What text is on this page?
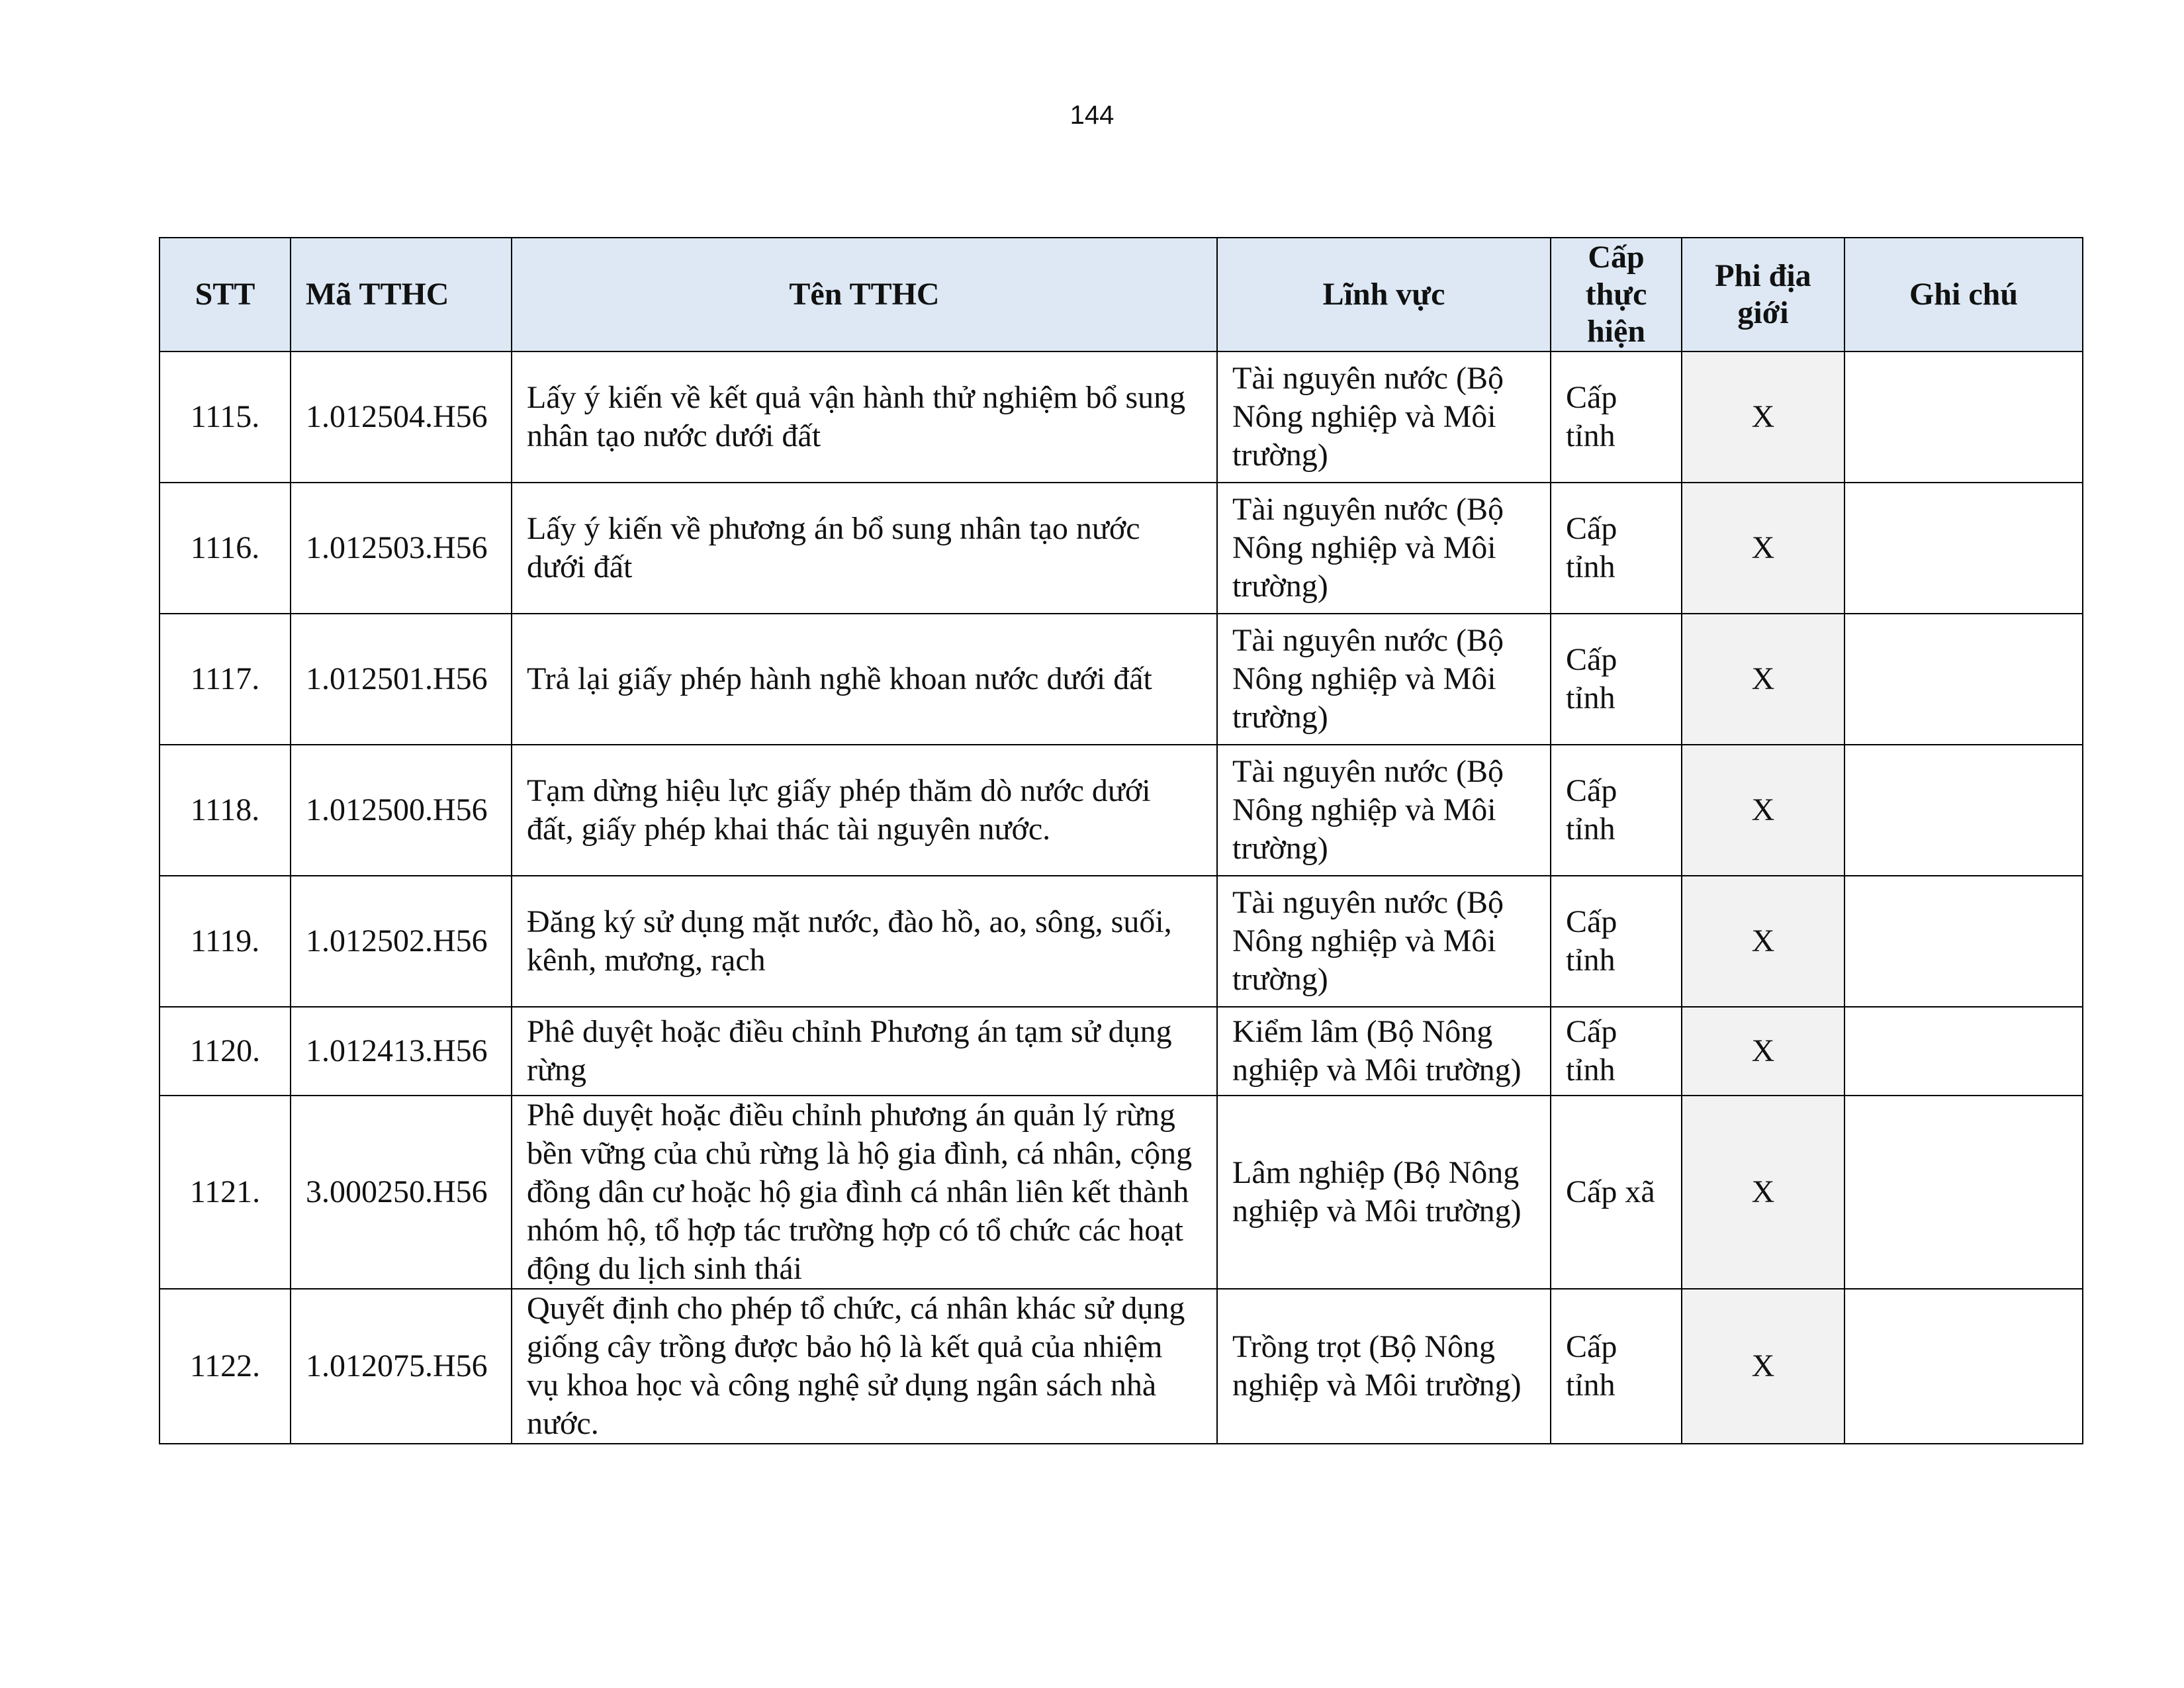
144
STT	Mã TTHC	Tên TTHC	Lĩnh vực	Cấp thực hiện	Phi địa giới	Ghi chú
1115.	1.012504.H56	Lấy ý kiến về kết quả vận hành thử nghiệm bổ sung nhân tạo nước dưới đất	Tài nguyên nước (Bộ Nông nghiệp và Môi trường)	Cấp tỉnh	X	
1116.	1.012503.H56	Lấy ý kiến về phương án bổ sung nhân tạo nước dưới đất	Tài nguyên nước (Bộ Nông nghiệp và Môi trường)	Cấp tỉnh	X	
1117.	1.012501.H56	Trả lại giấy phép hành nghề khoan nước dưới đất	Tài nguyên nước (Bộ Nông nghiệp và Môi trường)	Cấp tỉnh	X	
1118.	1.012500.H56	Tạm dừng hiệu lực giấy phép thăm dò nước dưới đất, giấy phép khai thác tài nguyên nước.	Tài nguyên nước (Bộ Nông nghiệp và Môi trường)	Cấp tỉnh	X	
1119.	1.012502.H56	Đăng ký sử dụng mặt nước, đào hồ, ao, sông, suối, kênh, mương, rạch	Tài nguyên nước (Bộ Nông nghiệp và Môi trường)	Cấp tỉnh	X	
1120.	1.012413.H56	Phê duyệt hoặc điều chỉnh Phương án tạm sử dụng rừng	Kiểm lâm (Bộ Nông nghiệp và Môi trường)	Cấp tỉnh	X	
1121.	3.000250.H56	Phê duyệt hoặc điều chỉnh phương án quản lý rừng bền vững của chủ rừng là hộ gia đình, cá nhân, cộng đồng dân cư hoặc hộ gia đình cá nhân liên kết thành nhóm hộ, tổ hợp tác trường hợp có tổ chức các hoạt động du lịch sinh thái	Lâm nghiệp (Bộ Nông nghiệp và Môi trường)	Cấp xã	X	
1122.	1.012075.H56	Quyết định cho phép tổ chức, cá nhân khác sử dụng giống cây trồng được bảo hộ là kết quả của nhiệm vụ khoa học và công nghệ sử dụng ngân sách nhà nước.	Trồng trọt (Bộ Nông nghiệp và Môi trường)	Cấp tỉnh	X	
